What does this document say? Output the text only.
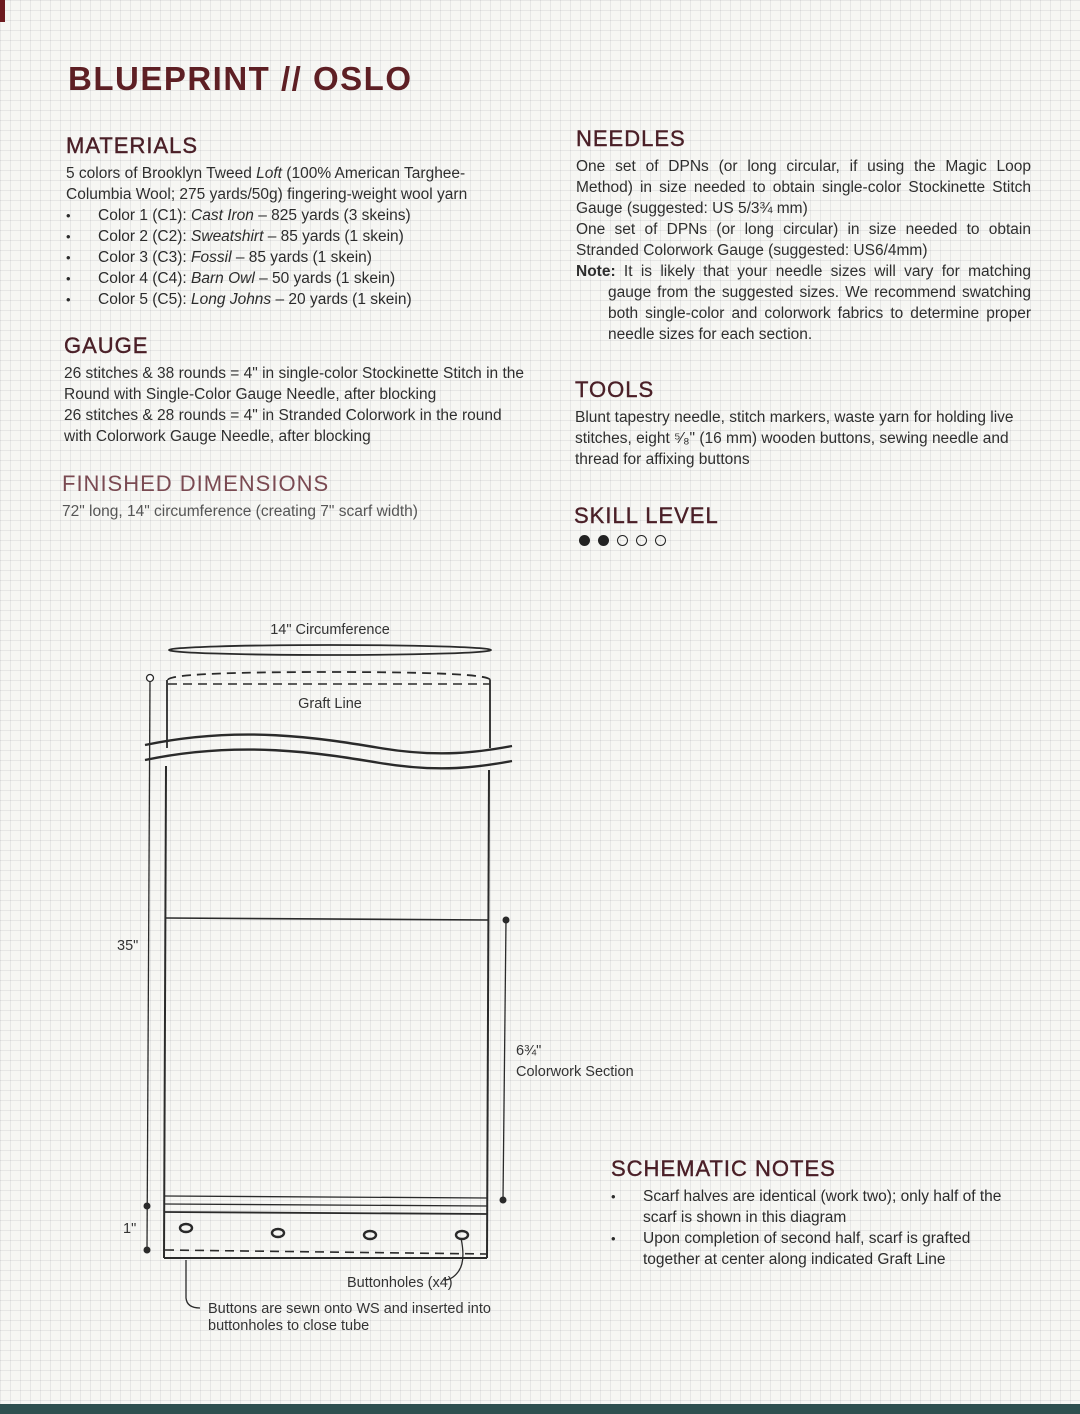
BLUEPRINT // OSLO
MATERIALS

5 colors of Brooklyn Tweed Loft (100% American Targhee-Columbia Wool; 275 yards/50g) fingering-weight wool yarn

• Color 1 (C1): Cast Iron – 825 yards (3 skeins)
• Color 2 (C2): Sweatshirt – 85 yards (1 skein)
• Color 3 (C3): Fossil – 85 yards (1 skein)
• Color 4 (C4): Barn Owl – 50 yards (1 skein)
• Color 5 (C5): Long Johns – 20 yards (1 skein)
GAUGE

26 stitches & 38 rounds = 4" in single-color Stockinette Stitch in the Round with Single-Color Gauge Needle, after blocking

26 stitches & 28 rounds = 4" in Stranded Colorwork in the round with Colorwork Gauge Needle, after blocking

FINISHED DIMENSIONS

72" long, 14" circumference (creating 7" scarf width)

NEEDLES

One set of DPNs (or long circular, if using the Magic Loop Method) in size needed to obtain single-color Stockinette Stitch Gauge (suggested: US 5/3¾ mm)

One set of DPNs (or long circular) in size needed to obtain Stranded Colorwork Gauge (suggested: US6/4mm)

Note: It is likely that your needle sizes will vary for matching gauge from the suggested sizes. We recommend swatching both single-color and colorwork fabrics to determine proper needle sizes for each section.

TOOLS

Blunt tapestry needle, stitch markers, waste yarn for holding live stitches, eight ⁵⁄₈" (16 mm) wooden buttons, sewing needle and thread for affixing buttons

SKILL LEVEL
14" Circumference
Graft Line
35"
1"
6¾"
Colorwork Section
Buttonholes (x4)
Buttons are sewn onto WS and inserted into
buttonholes to close tube
SCHEMATIC NOTES
• Scarf halves are identical (work two); only half of the scarf is shown in this diagram
• Upon completion of second half, scarf is grafted together at center along indicated Graft Line
